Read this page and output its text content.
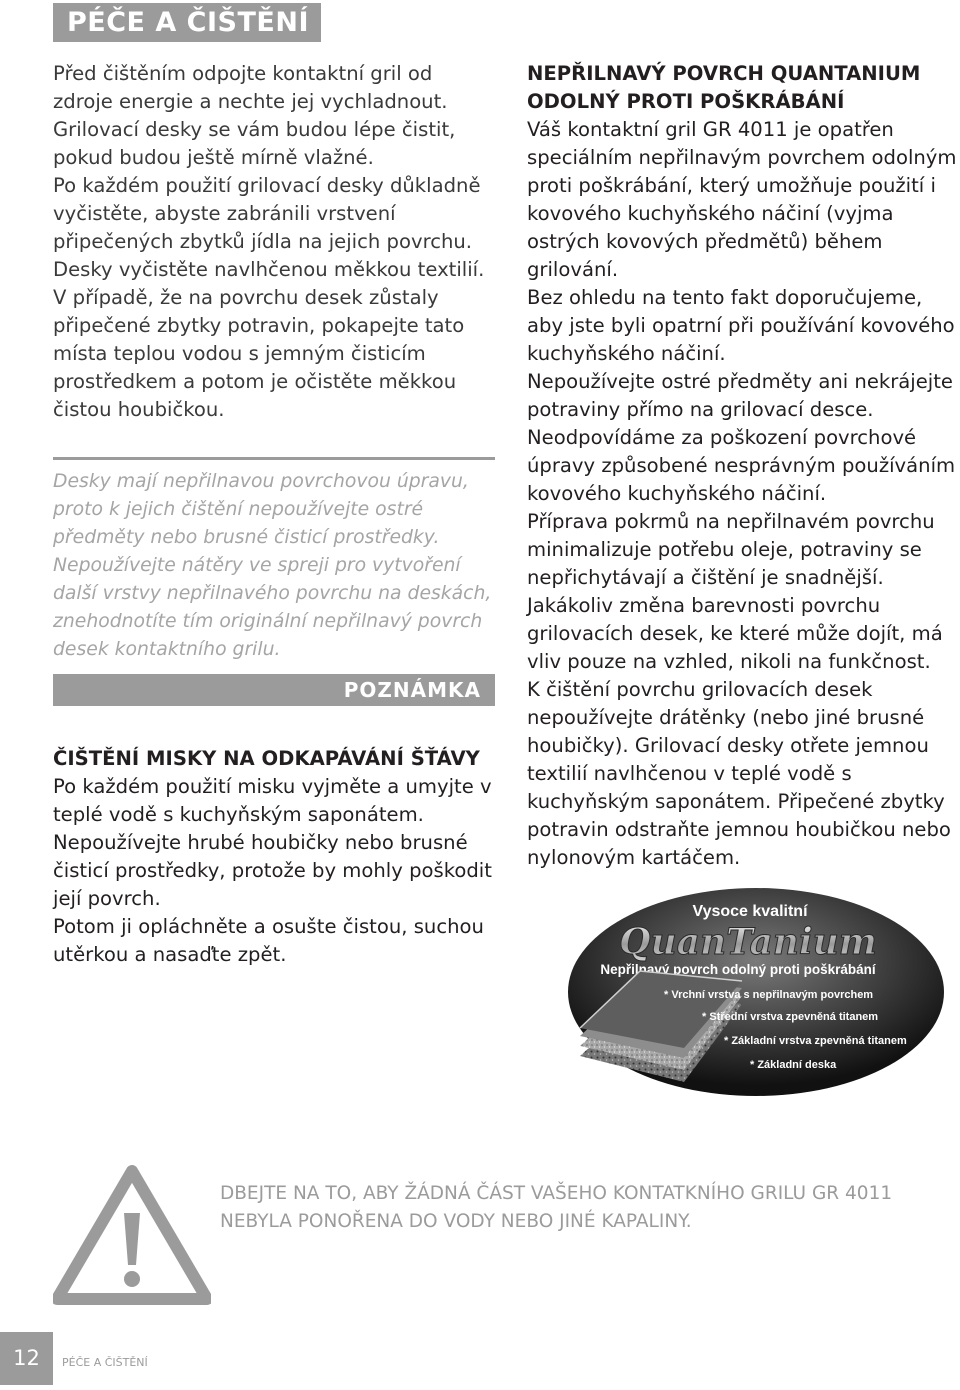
PÉČE A ČIŠTĚNÍ

Před čištěním odpojte kontaktní gril od zdroje energie a nechte jej vychladnout.

Grilovací desky se vám budou lépe čistit, pokud budou ještě mírně vlažné.

Po každém použití grilovací desky důkladně vyčistěte, abyste zabránili vrstvení připečených zbytků jídla na jejich povrchu.

Desky vyčistěte navlhčenou měkkou textilií.

V případě, že na povrchu desek zůstaly připečené zbytky potravin, pokapejte tato místa teplou vodou s jemným čisticím prostředkem a potom je očistěte měkkou čistou houbičkou.

Desky mají nepřilnavou povrchovou úpravu, proto k jejich čištění nepoužívejte ostré předměty nebo brusné čisticí prostředky. Nepoužívejte nátěry ve spreji pro vytvoření další vrstvy nepřilnavého povrchu na deskách, znehodnotíte tím originální nepřilnavý povrch desek kontaktního grilu.

POZNÁMKA

ČIŠTĚNÍ MISKY NA ODKAPÁVÁNÍ ŠŤÁVY

Po každém použití misku vyjměte a umyjte v teplé vodě s kuchyňským saponátem.

Nepoužívejte hrubé houbičky nebo brusné čisticí prostředky, protože by mohly poškodit její povrch.

Potom ji opláchněte a osušte čistou, suchou utěrkou a nasaďte zpět.

NEPŘILNAVÝ POVRCH QUANTANIUM

ODOLNÝ PROTI POŠKRÁBÁNÍ

Váš kontaktní gril GR 4011 je opatřen speciálním nepřilnavým povrchem odolným proti poškrábání, který umožňuje použití i kovového kuchyňského náčiní (vyjma ostrých kovových předmětů) během grilování.

Bez ohledu na tento fakt doporučujeme, aby jste byli opatrní při používání kovového kuchyňského náčiní.

Nepoužívejte ostré předměty ani nekrájejte potraviny přímo na grilovací desce.

Neodpovídáme za poškození povrchové úpravy způsobené nesprávným používáním kovového kuchyňského náčiní.

Příprava pokrmů na nepřilnavém povrchu minimalizuje potřebu oleje, potraviny se nepřichytávají a čištění je snadnější.

Jakákoliv změna barevnosti povrchu grilovacích desek, ke které může dojít, má vliv pouze na vzhled, nikoli na funkčnost.

K čištění povrchu grilovacích desek nepoužívejte drátěnky (nebo jiné brusné houbičky). Grilovací desky otřete jemnou textilií navlhčenou v teplé vodě s kuchyňským saponátem. Připečené zbytky potravin odstraňte jemnou houbičkou nebo nylonovým kartáčem.

Vysoce kvalitní
QuanTanium
Nepřilnavý povrch odolný proti poškrábání
* Vrchní vrstva s nepřilnavým povrchem
* Střední vrstva zpevněná titanem
* Základní vrstva zpevněná titanem
* Základní deska

DBEJTE NA TO, ABY ŽÁDNÁ ČÁST VAŠEHO KONTATKNÍHO GRILU GR 4011
NEBYLA PONOŘENA DO VODY NEBO JINÉ KAPALINY.

12	PÉČE A ČIŠTĚNÍ
